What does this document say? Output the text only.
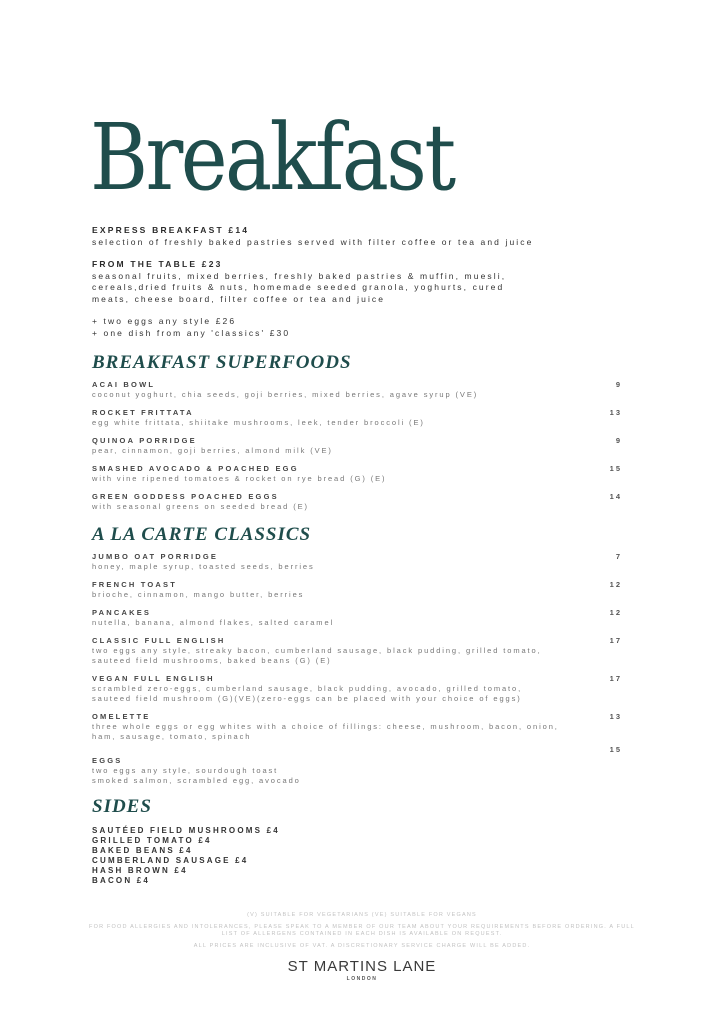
Breakfast
EXPRESS BREAKFAST £14
selection of freshly baked pastries served with filter coffee or tea and juice
FROM THE TABLE £23
seasonal fruits, mixed berries, freshly baked pastries & muffin, muesli,
cereals,dried fruits & nuts, homemade seeded granola, yoghurts, cured
meats, cheese board, filter coffee or tea and juice
+ two eggs any style £26
+ one dish from any 'classics' £30
BREAKFAST SUPERFOODS
ACAI BOWL
coconut yoghurt, chia seeds, goji berries, mixed berries, agave syrup (VE)
9
ROCKET FRITTATA
egg white frittata, shiitake mushrooms, leek, tender broccoli (E)
13
QUINOA PORRIDGE
pear, cinnamon, goji berries, almond milk (VE)
9
SMASHED AVOCADO & POACHED EGG
with vine ripened tomatoes & rocket on rye bread (G) (E)
15
GREEN GODDESS POACHED EGGS
with seasonal greens on seeded bread (E)
14
A LA CARTE CLASSICS
JUMBO OAT PORRIDGE
honey, maple syrup, toasted seeds, berries
7
FRENCH TOAST
brioche, cinnamon, mango butter, berries
12
PANCAKES
nutella, banana, almond flakes, salted caramel
12
CLASSIC FULL ENGLISH
two eggs any style, streaky bacon, cumberland sausage, black pudding, grilled tomato,
sauteed field mushrooms, baked beans (G) (E)
17
VEGAN FULL ENGLISH
scrambled zero-eggs, cumberland sausage, black pudding, avocado, grilled tomato,
sauteed field mushroom (G)(VE)(zero-eggs can be placed with your choice of eggs)
17
OMELETTE
three whole eggs or egg whites with a choice of fillings: cheese, mushroom, bacon, onion,
ham, sausage, tomato, spinach
13
EGGS
two eggs any style, sourdough toast
smoked salmon, scrambled egg, avocado
15
SIDES
SAUTÉED FIELD MUSHROOMS £4
GRILLED TOMATO £4
BAKED BEANS £4
CUMBERLAND SAUSAGE £4
HASH BROWN £4
BACON £4
(V) SUITABLE FOR VEGETARIANS (VE) SUITABLE FOR VEGANS
FOR FOOD ALLERGIES AND INTOLERANCES, PLEASE SPEAK TO A MEMBER OF OUR TEAM ABOUT YOUR REQUIREMENTS BEFORE ORDERING. A FULL LIST OF ALLERGENS CONTAINED IN EACH DISH IS AVAILABLE ON REQUEST.
ALL PRICES ARE INCLUSIVE OF VAT. A DISCRETIONARY SERVICE CHARGE WILL BE ADDED.
ST MARTINS LANE
LONDON
